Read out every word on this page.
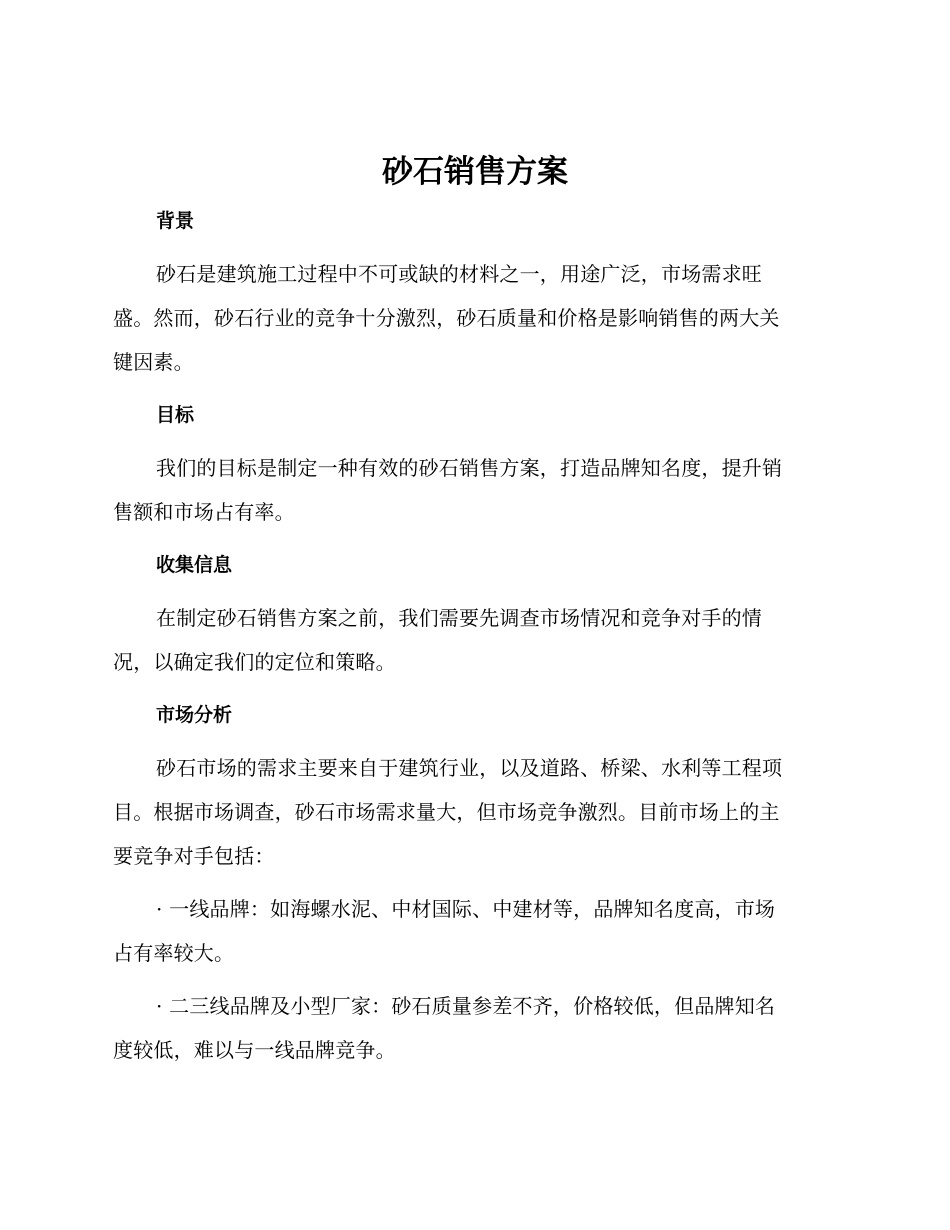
砂石销售方案
背景

砂石是建筑施工过程中不可或缺的材料之一，用途广泛，市场需求旺
盛。然而，砂石行业的竞争十分激烈，砂石质量和价格是影响销售的两大关
键因素。

目标

我们的目标是制定一种有效的砂石销售方案，打造品牌知名度，提升销
售额和市场占有率。

收集信息

在制定砂石销售方案之前，我们需要先调查市场情况和竞争对手的情
况，以确定我们的定位和策略。

市场分析

砂石市场的需求主要来自于建筑行业，以及道路、桥梁、水利等工程项
目。根据市场调查，砂石市场需求量大，但市场竞争激烈。目前市场上的主
要竞争对手包括：

· 一线品牌：如海螺水泥、中材国际、中建材等，品牌知名度高，市场
占有率较大。

· 二三线品牌及小型厂家：砂石质量参差不齐，价格较低，但品牌知名
度较低，难以与一线品牌竞争。
